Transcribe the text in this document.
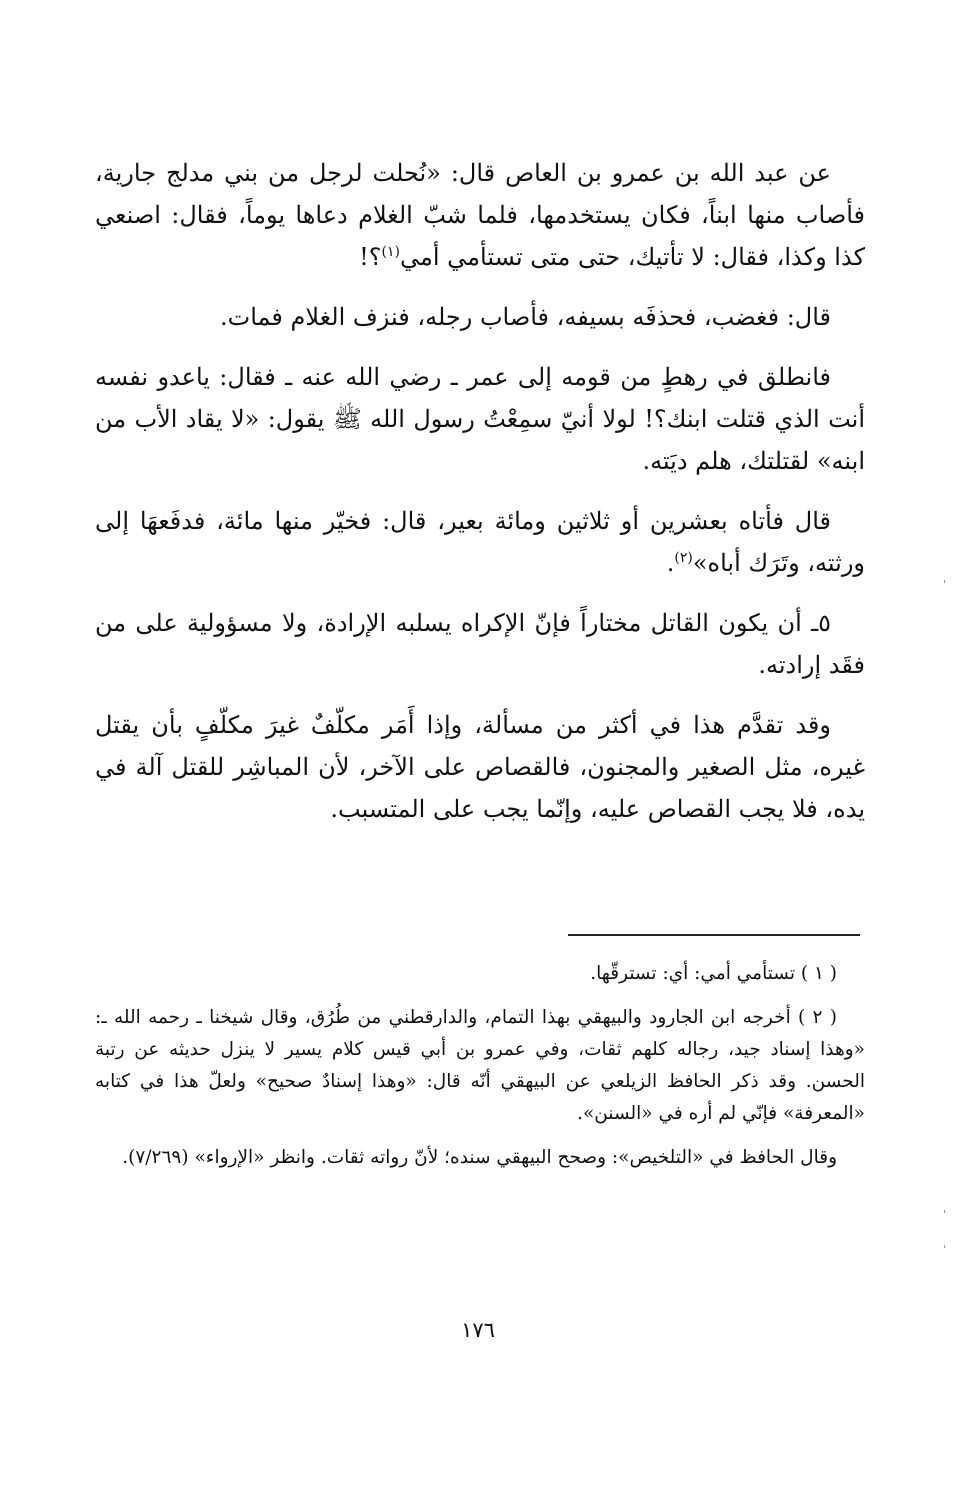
عن عبد الله بن عمرو بن العاص قال: «نُحلت لرجل من بني مدلج جارية، فأصاب منها ابناً، فكان يستخدمها، فلما شبّ الغلام دعاها يوماً، فقال: اصنعي كذا وكذا، فقال: لا تأتيك، حتى متى تستأمي أمي$^{(١)}$؟!

قال: فغضب، فحذفَه بسيفه، فأصاب رجله، فنزف الغلام فمات.

فانطلق في رهطٍ من قومه إلى عمر ـ رضي الله عنه ـ فقال: ياعدو نفسه أنت الذي قتلت ابنك؟! لولا أنيّ سمِعْتُ رسول الله ﷺ يقول: «لا يقاد الأب من ابنه» لقتلتك، هلم ديَته.

قال فأتاه بعشرين أو ثلاثين ومائة بعير، قال: فخيّر منها مائة، فدفَعهَا إلى ورثته، وتَرَك أباه»$^{(٢)}$.

٥ـ أن يكون القاتل مختاراً فإنّ الإكراه يسلبه الإرادة، ولا مسؤولية على من فقَد إرادته.

وقد تقدَّم هذا في أكثر من مسألة، وإذا أَمَر مكلّفٌ غيرَ مكلّفٍ بأن يقتل غيره، مثل الصغير والمجنون، فالقصاص على الآخر، لأن المباشِر للقتل آلة في يده، فلا يجب القصاص عليه، وإنّما يجب على المتسبب.

( ١ ) تستأمي أمي: أي: تسترقّها.

( ٢ ) أخرجه ابن الجارود والبيهقي بهذا التمام، والدارقطني من طُرُق، وقال شيخنا ـ رحمه الله ـ: «وهذا إسناد جيد، رجاله كلهم ثقات، وفي عمرو بن أبي قيس كلام يسير لا ينزل حديثه عن رتبة الحسن. وقد ذكر الحافظ الزيلعي عن البيهقي أنّه قال: «وهذا إسنادٌ صحيح» ولعلّ هذا في كتابه «المعرفة» فإنّي لم أره في «السنن».

وقال الحافظ في «التلخيص»: وصحح البيهقي سنده؛ لأنّ رواته ثقات. وانظر «الإرواء» (٧/٢٦٩).

١٧٦
